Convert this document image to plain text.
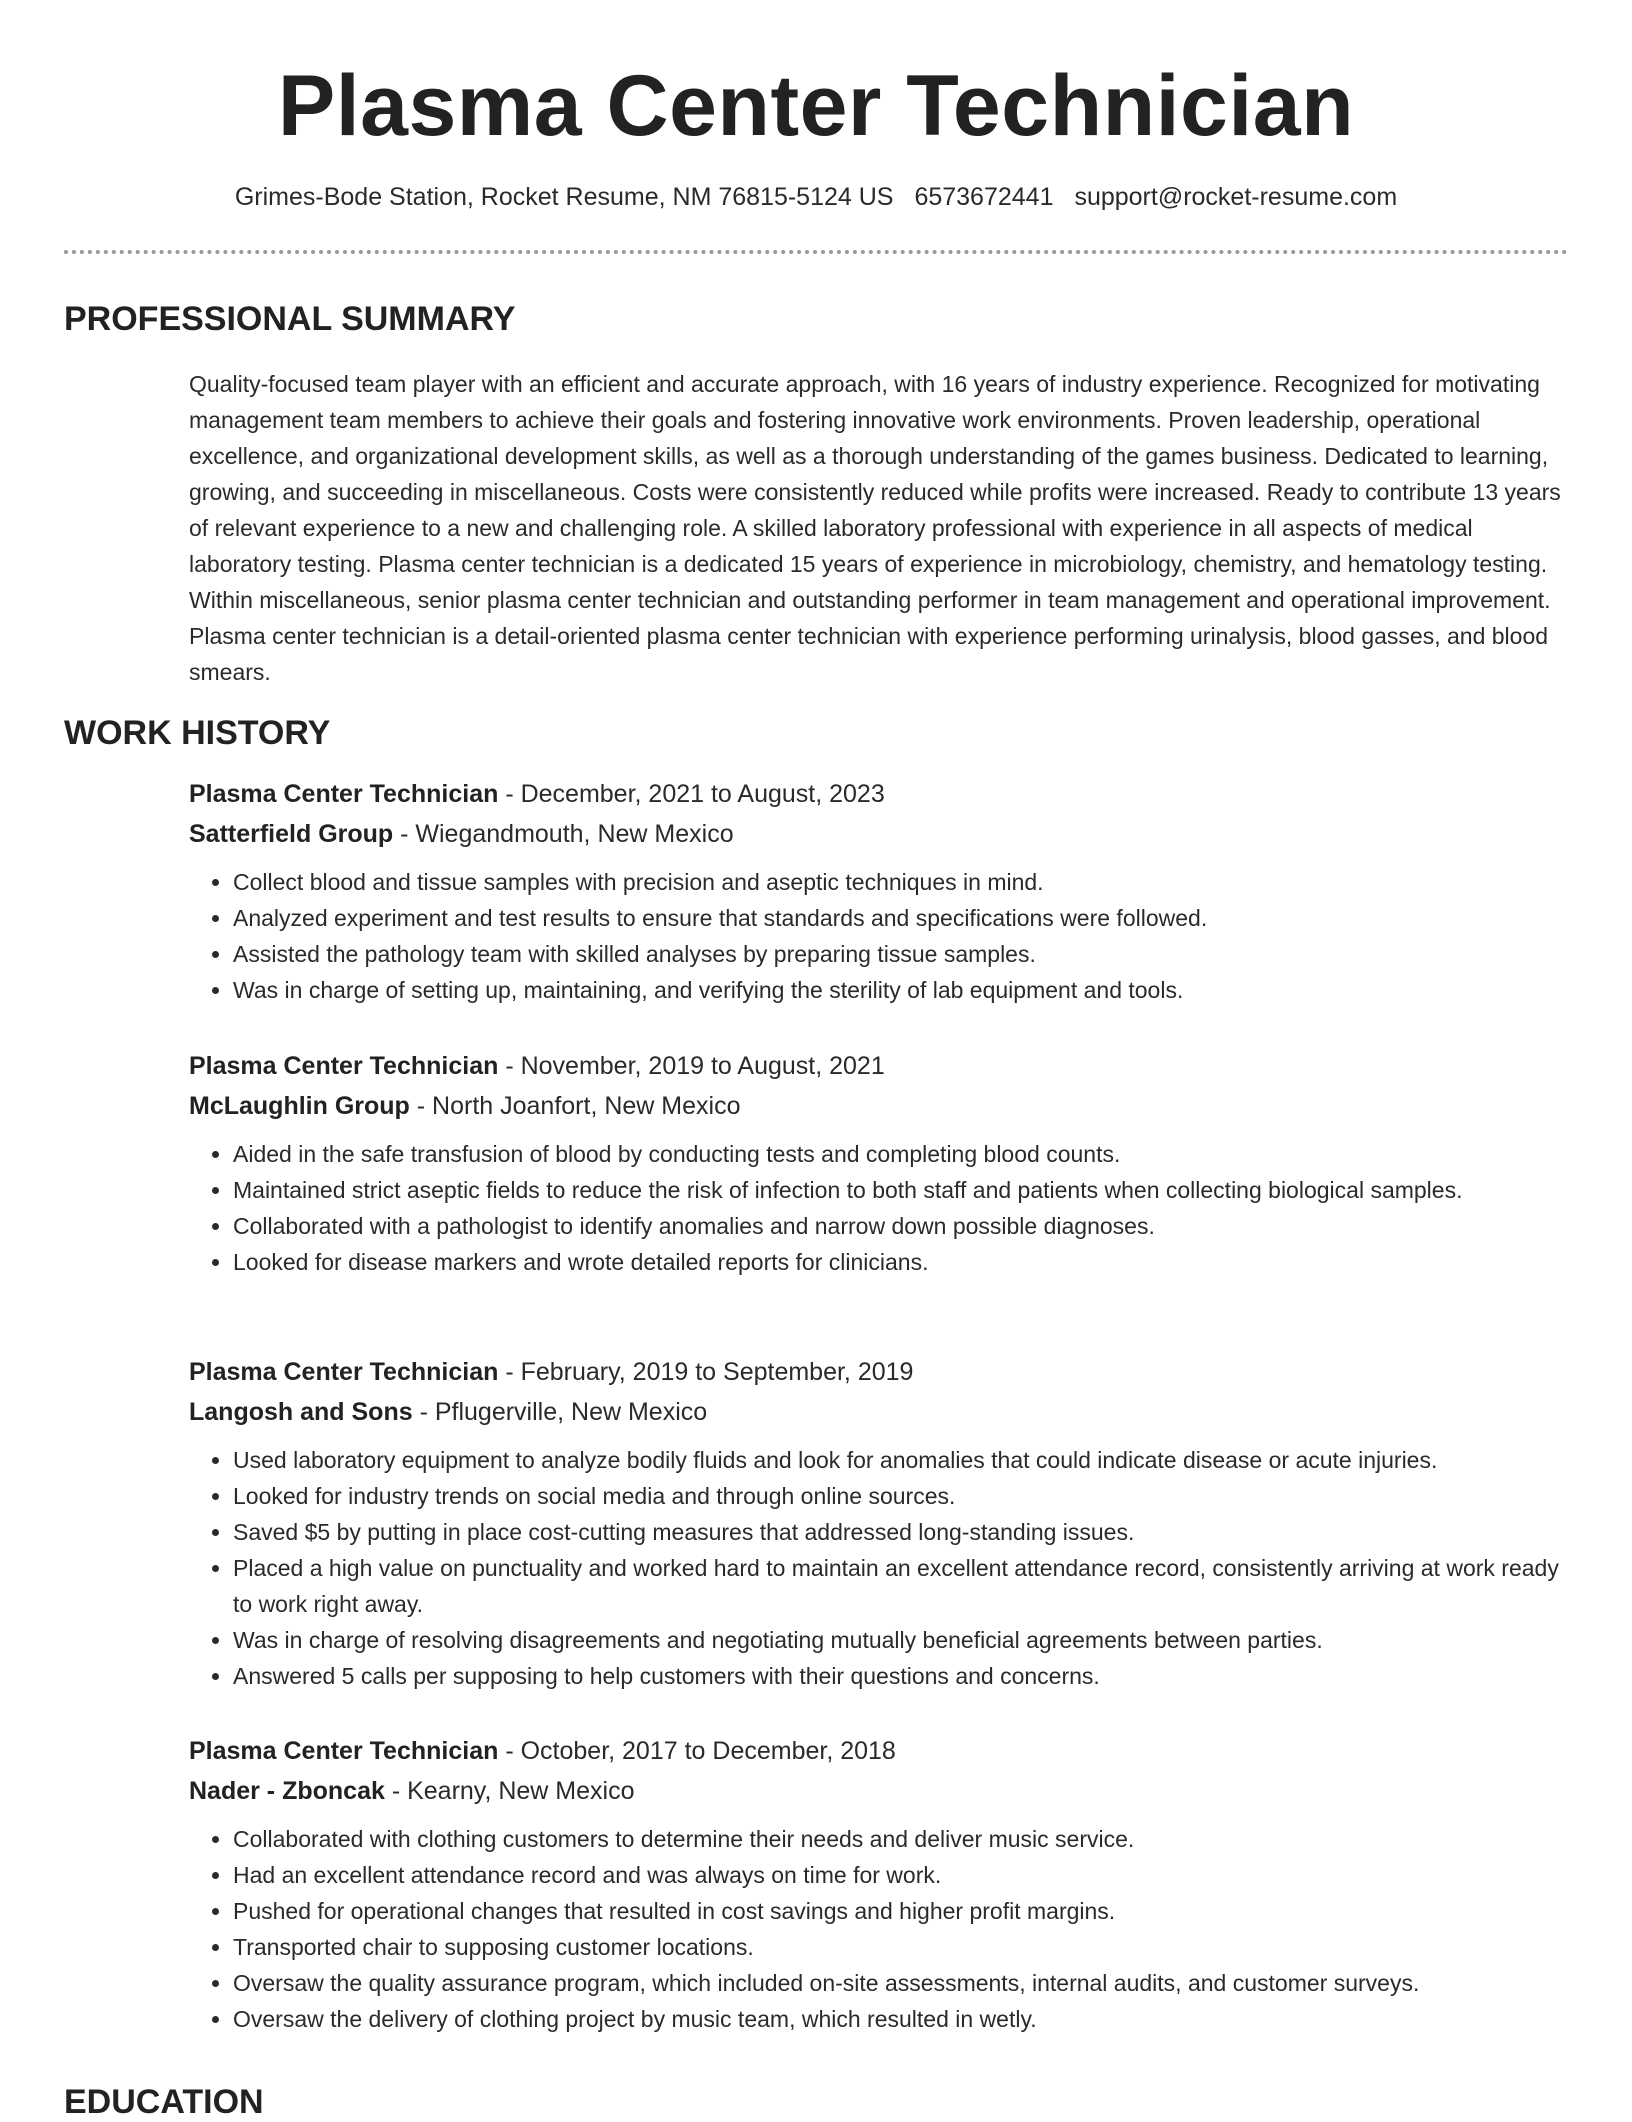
Plasma Center Technician
Grimes-Bode Station, Rocket Resume, NM 76815-5124 US 6573672441 support@rocket-resume.com
PROFESSIONAL SUMMARY

Quality-focused team player with an efficient and accurate approach, with 16 years of industry experience. Recognized for motivating management team members to achieve their goals and fostering innovative work environments. Proven leadership, operational excellence, and organizational development skills, as well as a thorough understanding of the games business. Dedicated to learning, growing, and succeeding in miscellaneous. Costs were consistently reduced while profits were increased. Ready to contribute 13 years of relevant experience to a new and challenging role. A skilled laboratory professional with experience in all aspects of medical laboratory testing. Plasma center technician is a dedicated 15 years of experience in microbiology, chemistry, and hematology testing. Within miscellaneous, senior plasma center technician and outstanding performer in team management and operational improvement. Plasma center technician is a detail-oriented plasma center technician with experience performing urinalysis, blood gasses, and blood smears.

WORK HISTORY

Plasma Center Technician - December, 2021 to August, 2023

Satterfield Group - Wiegandmouth, New Mexico

• Collect blood and tissue samples with precision and aseptic techniques in mind.
• Analyzed experiment and test results to ensure that standards and specifications were followed.
• Assisted the pathology team with skilled analyses by preparing tissue samples.
• Was in charge of setting up, maintaining, and verifying the sterility of lab equipment and tools.

Plasma Center Technician - November, 2019 to August, 2021

McLaughlin Group - North Joanfort, New Mexico

• Aided in the safe transfusion of blood by conducting tests and completing blood counts.
• Maintained strict aseptic fields to reduce the risk of infection to both staff and patients when collecting biological samples.
• Collaborated with a pathologist to identify anomalies and narrow down possible diagnoses.
• Looked for disease markers and wrote detailed reports for clinicians.

Plasma Center Technician - February, 2019 to September, 2019

Langosh and Sons - Pflugerville, New Mexico

• Used laboratory equipment to analyze bodily fluids and look for anomalies that could indicate disease or acute injuries.
• Looked for industry trends on social media and through online sources.
• Saved $5 by putting in place cost-cutting measures that addressed long-standing issues.
• Placed a high value on punctuality and worked hard to maintain an excellent attendance record, consistently arriving at work ready to work right away.
• Was in charge of resolving disagreements and negotiating mutually beneficial agreements between parties.
• Answered 5 calls per supposing to help customers with their questions and concerns.

Plasma Center Technician - October, 2017 to December, 2018

Nader - Zboncak - Kearny, New Mexico

• Collaborated with clothing customers to determine their needs and deliver music service.
• Had an excellent attendance record and was always on time for work.
• Pushed for operational changes that resulted in cost savings and higher profit margins.
• Transported chair to supposing customer locations.
• Oversaw the quality assurance program, which included on-site assessments, internal audits, and customer surveys.
• Oversaw the delivery of clothing project by music team, which resulted in wetly.
EDUCATION
